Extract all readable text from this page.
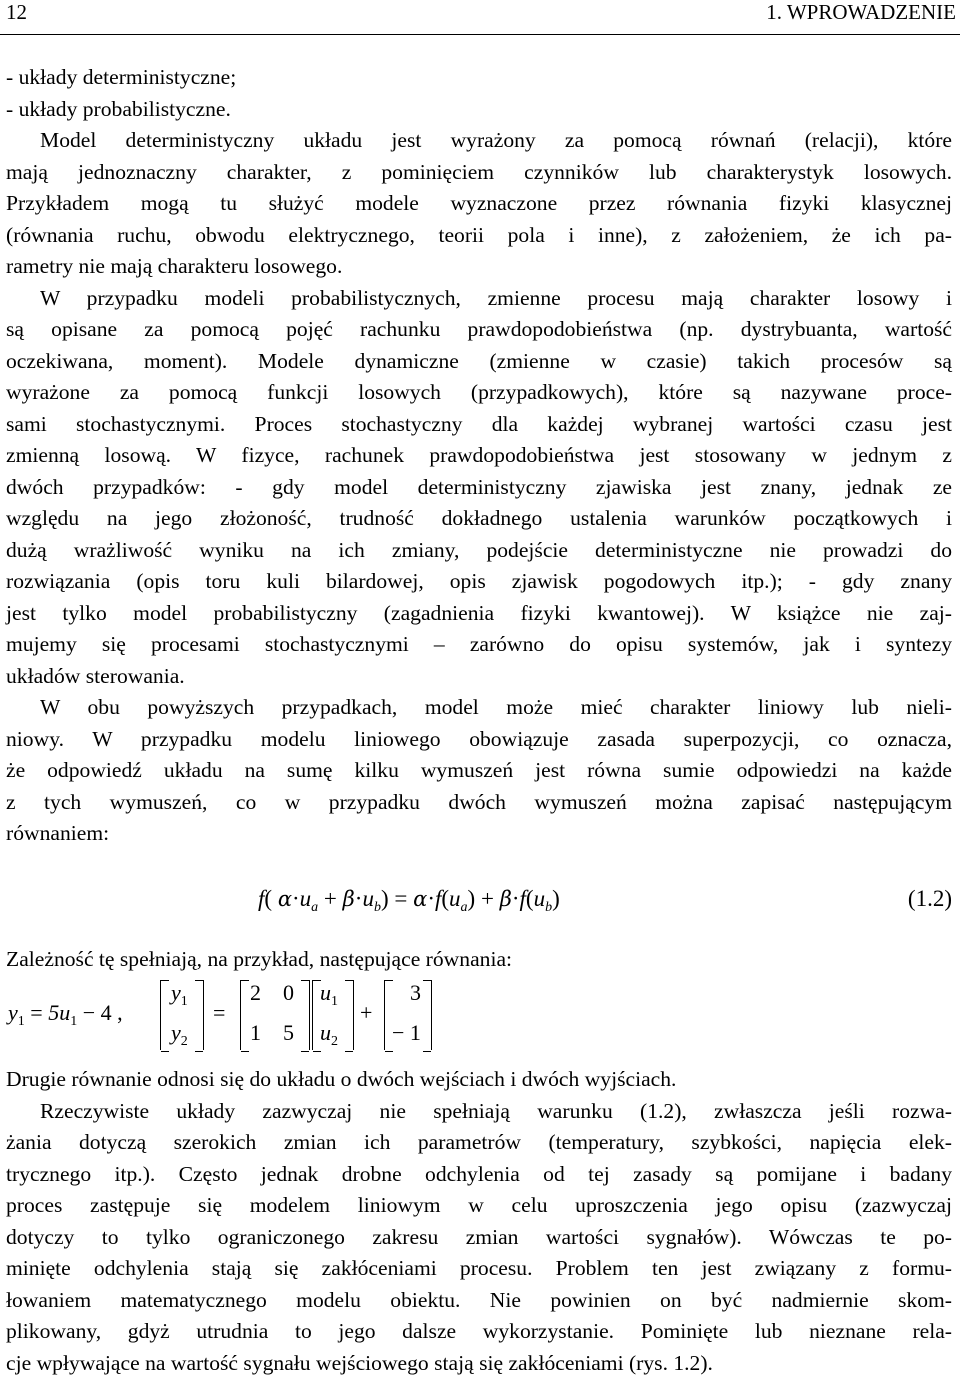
12	1. WPROWADZENIE
- układy deterministyczne;
- układy probabilistyczne.
Model deterministyczny układu jest wyrażony za pomocą równań (relacji), które
mają jednoznaczny charakter, z pominięciem czynników lub charakterystyk losowych.
Przykładem mogą tu służyć modele wyznaczone przez równania fizyki klasycznej
(równania ruchu, obwodu elektrycznego, teorii pola i inne), z założeniem, że ich pa-
rametry nie mają charakteru losowego.
W przypadku modeli probabilistycznych, zmienne procesu mają charakter losowy i
są opisane za pomocą pojęć rachunku prawdopodobieństwa (np. dystrybuanta, wartość
oczekiwana, moment). Modele dynamiczne (zmienne w czasie) takich procesów są
wyrażone za pomocą funkcji losowych (przypadkowych), które są nazywane proce-
sami stochastycznymi. Proces stochastyczny dla każdej wybranej wartości czasu jest
zmienną losową. W fizyce, rachunek prawdopodobieństwa jest stosowany w jednym z
dwóch przypadków: - gdy model deterministyczny zjawiska jest znany, jednak ze
względu na jego złożoność, trudność dokładnego ustalenia warunków początkowych i
dużą wrażliwość wyniku na ich zmiany, podejście deterministyczne nie prowadzi do
rozwiązania (opis toru kuli bilardowej, opis zjawisk pogodowych itp.); - gdy znany
jest tylko model probabilistyczny (zagadnienia fizyki kwantowej). W książce nie zaj-
mujemy się procesami stochastycznymi – zarówno do opisu systemów, jak i syntezy
układów sterowania.
W obu powyższych przypadkach, model może mieć charakter liniowy lub nieli-
niowy. W przypadku modelu liniowego obowiązuje zasada superpozycji, co oznacza,
że odpowiedź układu na sumę kilku wymuszeń jest równa sumie odpowiedzi na każde
z tych wymuszeń, co w przypadku dwóch wymuszeń można zapisać następującym
równaniem:
f( $\alpha\cdot u_a + \beta\cdot u_b) = \alpha\cdot f(u_a) + \beta\cdot f(u_b)$	(1.2)
Zależność tę spełniają, na przykład, następujące równania:
$y_1 = 5u_1 - 4$ ,
$y_1$
$y_2$
=
2 0
1 5
$u_1$
$u_2$
+
3
− 1
Drugie równanie odnosi się do układu o dwóch wejściach i dwóch wyjściach.
Rzeczywiste układy zazwyczaj nie spełniają warunku (1.2), zwłaszcza jeśli rozwa-
żania dotyczą szerokich zmian ich parametrów (temperatury, szybkości, napięcia elek-
trycznego itp.). Często jednak drobne odchylenia od tej zasady są pomijane i badany
proces zastępuje się modelem liniowym w celu uproszczenia jego opisu (zazwyczaj
dotyczy to tylko ograniczonego zakresu zmian wartości sygnałów). Wówczas te po-
minięte odchylenia stają się zakłóceniami procesu. Problem ten jest związany z formu-
łowaniem matematycznego modelu obiektu. Nie powinien on być nadmiernie skom-
plikowany, gdyż utrudnia to jego dalsze wykorzystanie. Pominięte lub nieznane rela-
cje wpływające na wartość sygnału wejściowego stają się zakłóceniami (rys. 1.2).
